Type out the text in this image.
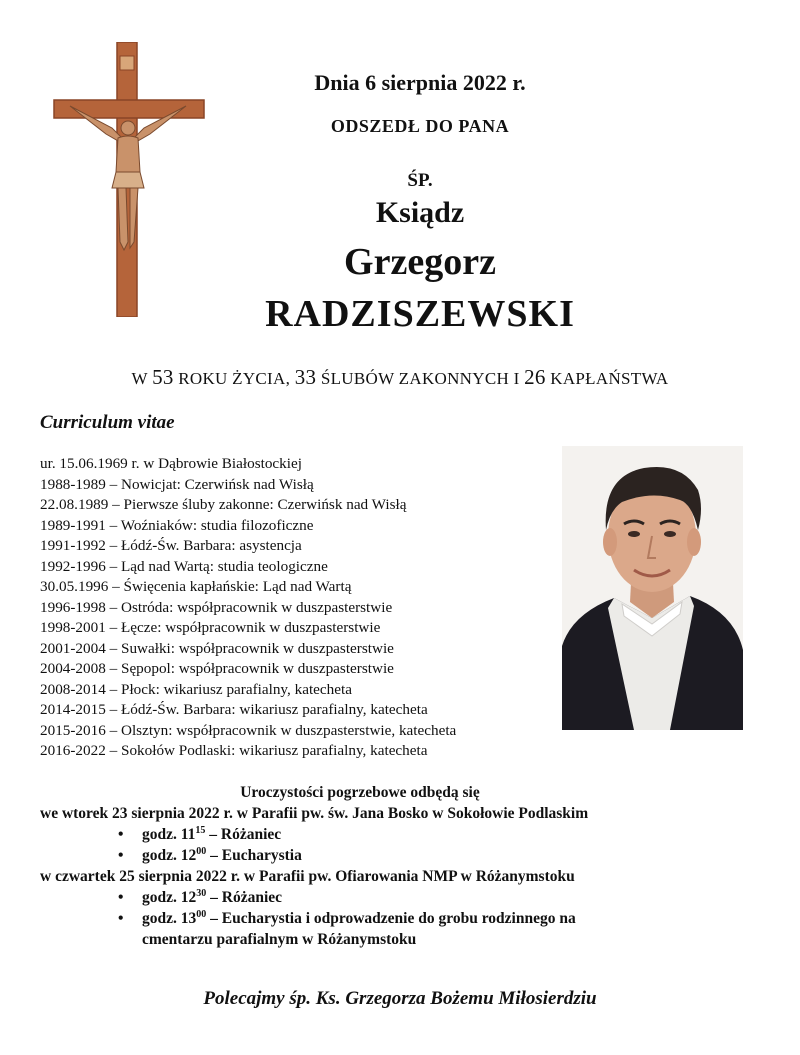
Dnia 6 sierpnia 2022 r.
ODSZEDŁ DO PANA
ŚP.
Ksiądz
Grzegorz
RADZISZEWSKI
W 53 ROKU ŻYCIA, 33 ŚLUBÓW ZAKONNYCH I 26 KAPŁAŃSTWA
Curriculum vitae
ur. 15.06.1969 r. w Dąbrowie Białostockiej
1988-1989 – Nowicjat: Czerwińsk nad Wisłą
22.08.1989 – Pierwsze śluby zakonne: Czerwińsk nad Wisłą
1989-1991 – Woźniaków: studia filozoficzne
1991-1992 – Łódź-Św. Barbara: asystencja
1992-1996 – Ląd nad Wartą: studia teologiczne
30.05.1996 – Święcenia kapłańskie: Ląd nad Wartą
1996-1998 – Ostróda: współpracownik w duszpasterstwie
1998-2001 – Łęcze: współpracownik w duszpasterstwie
2001-2004 – Suwałki: współpracownik w duszpasterstwie
2004-2008 – Sępopol: współpracownik w duszpasterstwie
2008-2014 – Płock: wikariusz parafialny, katecheta
2014-2015 – Łódź-Św. Barbara: wikariusz parafialny, katecheta
2015-2016 – Olsztyn: współpracownik w duszpasterstwie, katecheta
2016-2022 – Sokołów Podlaski: wikariusz parafialny, katecheta
Uroczystości pogrzebowe odbędą się
we wtorek 23 sierpnia 2022 r. w Parafii pw. św. Jana Bosko w Sokołowie Podlaskim
• godz. $11^{15}$ – Różaniec
• godz. $12^{00}$ – Eucharystia
w czwartek 25 sierpnia 2022 r. w Parafii pw. Ofiarowania NMP w Różanymstoku
• godz. $12^{30}$ – Różaniec
• godz. $13^{00}$ – Eucharystia i odprowadzenie do grobu rodzinnego na
cmentarzu parafialnym w Różanymstoku
Polecajmy śp. Ks. Grzegorza Bożemu Miłosierdziu
